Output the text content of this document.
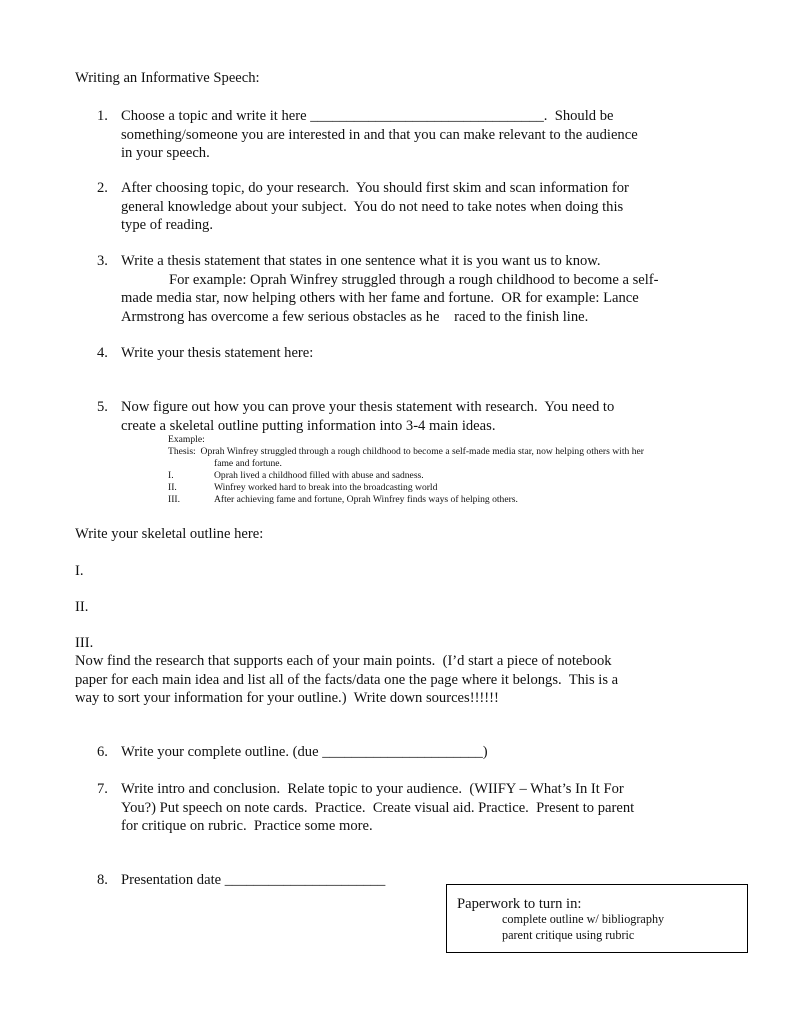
Writing an Informative Speech:
1. Choose a topic and write it here ________________________________.  Should be
something/someone you are interested in and that you can make relevant to the audience
in your speech.
2. After choosing topic, do your research.  You should first skim and scan information for
general knowledge about your subject.  You do not need to take notes when doing this
type of reading.
3. Write a thesis statement that states in one sentence what it is you want us to know.
For example: Oprah Winfrey struggled through a rough childhood to become a self-
made media star, now helping others with her fame and fortune.  OR for example: Lance
Armstrong has overcome a few serious obstacles as he    raced to the finish line.
4. Write your thesis statement here:
5. Now figure out how you can prove your thesis statement with research.  You need to
create a skeletal outline putting information into 3-4 main ideas.
Example:
Thesis:  Oprah Winfrey struggled through a rough childhood to become a self-made media star, now helping others with her
fame and fortune.
I.	Oprah lived a childhood filled with abuse and sadness.
II.	Winfrey worked hard to break into the broadcasting world
III.	After achieving fame and fortune, Oprah Winfrey finds ways of helping others.
Write your skeletal outline here:
I.
II.
III.
Now find the research that supports each of your main points.  (I’d start a piece of notebook
paper for each main idea and list all of the facts/data one the page where it belongs.  This is a
way to sort your information for your outline.)  Write down sources!!!!!!
6. Write your complete outline. (due ______________________)
7. Write intro and conclusion.  Relate topic to your audience.  (WIIFY – What’s In It For
You?) Put speech on note cards.  Practice.  Create visual aid. Practice.  Present to parent
for critique on rubric.  Practice some more.
8. Presentation date ______________________
Paperwork to turn in:
complete outline w/ bibliography
parent critique using rubric
